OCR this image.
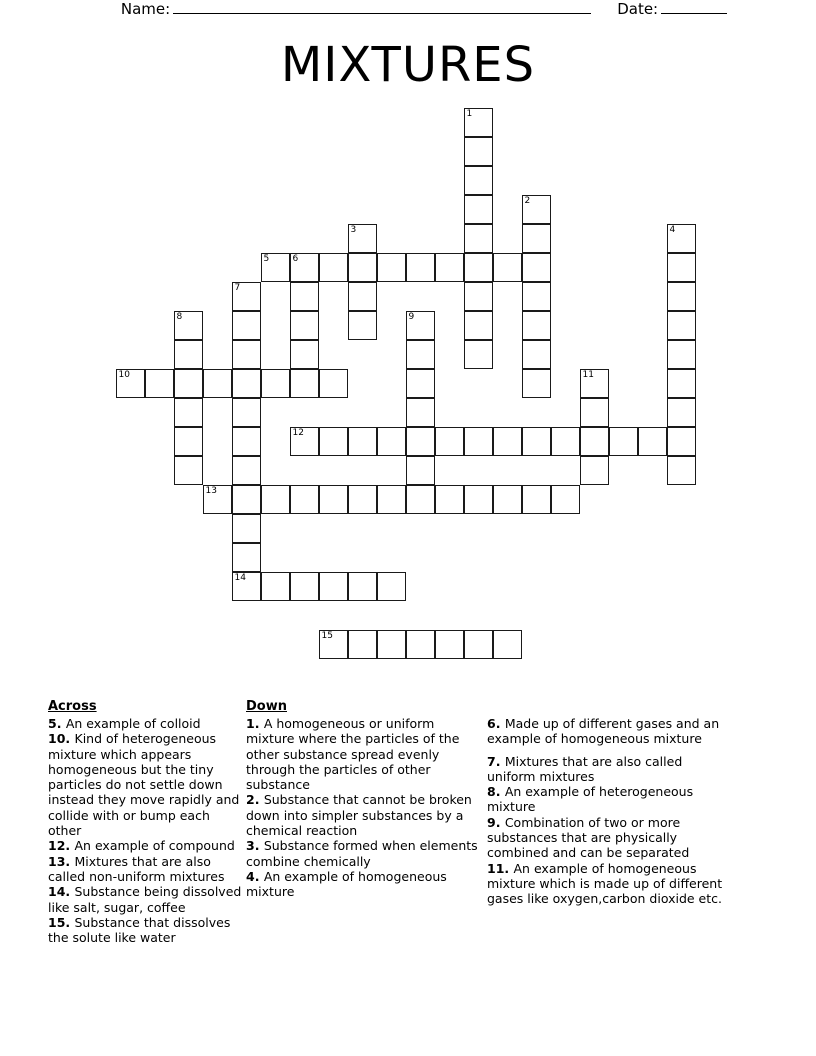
Name:	Date:
MIXTURES
1
2
3	4
5	6
7
8	9
10	11
12
13
14
15
Across

5. An example of colloid

10. Kind of heterogeneous mixture which appears homogeneous but the tiny particles do not settle down instead they move rapidly and collide with or bump each other

12. An example of compound

13. Mixtures that are also called non-uniform mixtures

14. Substance being dissolved like salt, sugar, coffee

15. Substance that dissolves the solute like water

Down

1. A homogeneous or uniform mixture where the particles of the other substance spread evenly through the particles of other substance

2. Substance that cannot be broken down into simpler substances by a chemical reaction

3. Substance formed when elements combine chemically

4. An example of homogeneous mixture

6. Made up of different gases and an example of homogeneous mixture

7. Mixtures that are also called uniform mixtures

8. An example of heterogeneous mixture

9. Combination of two or more substances that are physically combined and can be separated

11. An example of homogeneous mixture which is made up of different gases like oxygen,carbon dioxide etc.
